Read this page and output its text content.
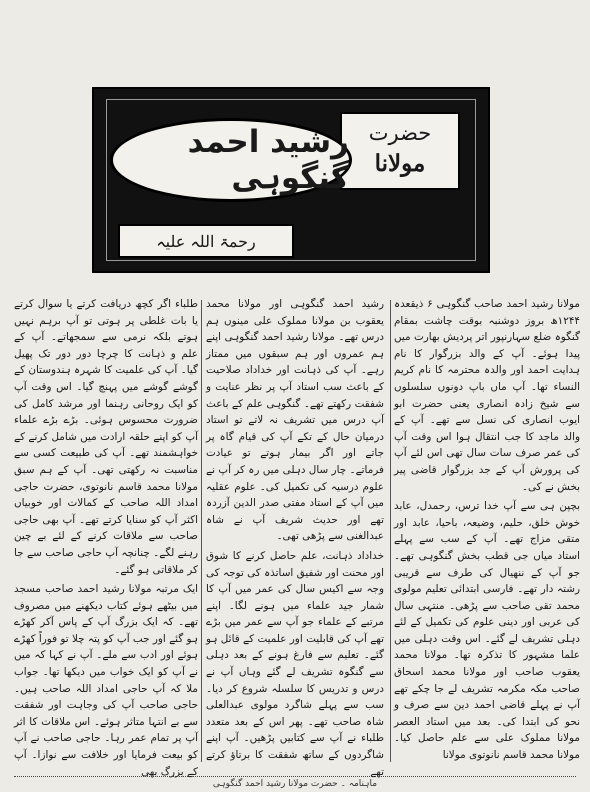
حضرت
مولانا
رشید احمد گنگوہی
رحمۃ اللہ علیہ

مولانا رشید احمد صاحب گنگوہی ۶ ذیقعدہ ۱۲۴۴ھ بروز دوشنبہ بوقت چاشت بمقام گنگوہ ضلع سہارنپور اتر پردیش بھارت میں پیدا ہوئے۔ آپ کے والد بزرگوار کا نام ہدایت احمد اور والدہ محترمہ کا نام کریم النساء تھا۔ آپ ماں باپ دونوں سلسلوں سے شیخ زادہ انصاری یعنی حضرت ابو ایوب انصاری کی نسل سے تھے۔ آپ کے والد ماجد کا جب انتقال ہوا اس وقت آپ کی عمر صرف سات سال تھی اس لئے آپ کی پرورش آپ کے جد بزرگوار قاضی پیر بخش نے کی۔

بچپن ہی سے آپ خدا ترس، رحمدل، عابد خوش خلق، حلیم، وضیعہ، باحیا، عابد اور متقی مزاج تھے۔ آپ کے سب سے پہلے استاد میاں جی قطب بخش گنگوہی تھے۔ جو آپ کے ننھیال کی طرف سے قریبی رشتہ دار تھے۔ فارسی ابتدائی تعلیم مولوی محمد تقی صاحب سے پڑھی۔ منتہی سال کی عربی اور دینی علوم کی تکمیل کے لئے دہلی تشریف لے گئے۔ اس وقت دہلی میں علما مشہور کا تذکرہ تھا۔ مولانا محمد یعقوب صاحب اور مولانا محمد اسحاق صاحب مکہ مکرمہ تشریف لے جا چکے تھے آپ نے پہلے قاضی احمد دین سے صرف و نحو کی ابتدا کی۔ بعد میں استاد العصر مولانا مملوک علی سے علم حاصل کیا۔ مولانا محمد قاسم نانوتوی مولانا

رشید احمد گنگوہی اور مولانا محمد یعقوب بن مولانا مملوک علی مینوں ہم درس تھے۔ مولانا رشید احمد گنگوہی اپنے ہم عمروں اور ہم سبقوں میں ممتاز رہے۔ آپ کی ذہانت اور خداداد صلاحیت کے باعث سب استاد آپ پر نظر عنایت و شفقت رکھتے تھے۔ گنگوہی علم کے باعث آپ درس میں تشریف نہ لاتے تو استاد درمیان حال کے تکے آپ کی قیام گاہ پر جاتے اور اگر بیمار ہوتے تو عیادت فرماتے۔ چار سال دہلی میں رہ کر آپ نے علوم درسیہ کی تکمیل کی۔ علوم عقلیہ میں آپ کے استاد مفتی صدر الدین آزردہ تھے اور حدیث شریف آپ نے شاہ عبدالغنی سے پڑھی تھی۔

خداداد ذہانت، علم حاصل کرنے کا شوق اور محنت اور شفیق اساتذہ کی توجہ کی وجہ سے اکیس سال کی عمر میں آپ کا شمار جید علماء میں ہونے لگا۔ اپنے مرتبے کے علماء جو آپ سے عمر میں بڑے تھے آپ کی قابلیت اور علمیت کے قائل ہو گئے۔ تعلیم سے فارغ ہونے کے بعد دہلی سے گنگوہ تشریف لے گئے وہاں آپ نے درس و تدریس کا سلسلہ شروع کر دیا۔ سب سے پہلے شاگرد مولوی عبدالعلی شاہ صاحب تھے۔ پھر اس کے بعد متعدد طلباء نے آپ سے کتابیں پڑھیں۔ آپ اپنے شاگردوں کے ساتھ شفقت کا برتاؤ کرتے تھے

طلباء اگر کچھ دریافت کرتے یا سوال کرتے یا بات غلطی پر ہوتی تو آپ برہم نہیں ہوتے بلکہ نرمی سے سمجھاتے۔ آپ کے علم و ذہانت کا چرچا دور دور تک پھیل گیا۔ آپ کی علمیت کا شہرہ ہندوستان کے گوشے گوشے میں پہنچ گیا۔ اس وقت آپ کو ایک روحانی رہنما اور مرشد کامل کی ضرورت محسوس ہوئی۔ بڑے بڑے علماء آپ کو اپنے حلقہ ارادت میں شامل کرنے کے خواہشمند تھے۔ آپ کی طبیعت کسی سے مناسبت نہ رکھتی تھی۔ آپ کے ہم سبق مولانا محمد قاسم نانوتوی، حضرت حاجی امداد اللہ صاحب کے کمالات اور خوبیاں اکثر آپ کو سنایا کرتے تھے۔ آپ بھی حاجی صاحب سے ملاقات کرنے کے لئے بے چین رہنے لگے۔ چنانچہ آپ حاجی صاحب سے جا کر ملاقاتی ہو گئے۔

ایک مرتبہ مولانا رشید احمد صاحب مسجد میں بیٹھے ہوئے کتاب دیکھنے میں مصروف تھے۔ کہ ایک بزرگ آپ کے پاس آکر کھڑے ہو گئے اور جب آپ کو پتہ چلا تو فوراً کھڑے ہوئے اور ادب سے ملے۔ آپ نے کہا کہ میں نے آپ کو ایک خواب میں دیکھا تھا۔ جواب ملا کہ آپ حاجی امداد اللہ صاحب ہیں۔ حاجی صاحب آپ کی وجاہت اور شفقت سے بے انتہا متاثر ہوئے۔ اس ملاقات کا اثر آپ پر تمام عمر رہا۔ حاجی صاحب نے آپ کو بیعت فرمایا اور خلافت سے نوازا۔ آپ کے بزرگ بھی

ماہنامہ ۔ حضرت مولانا رشید احمد گنگوہی
